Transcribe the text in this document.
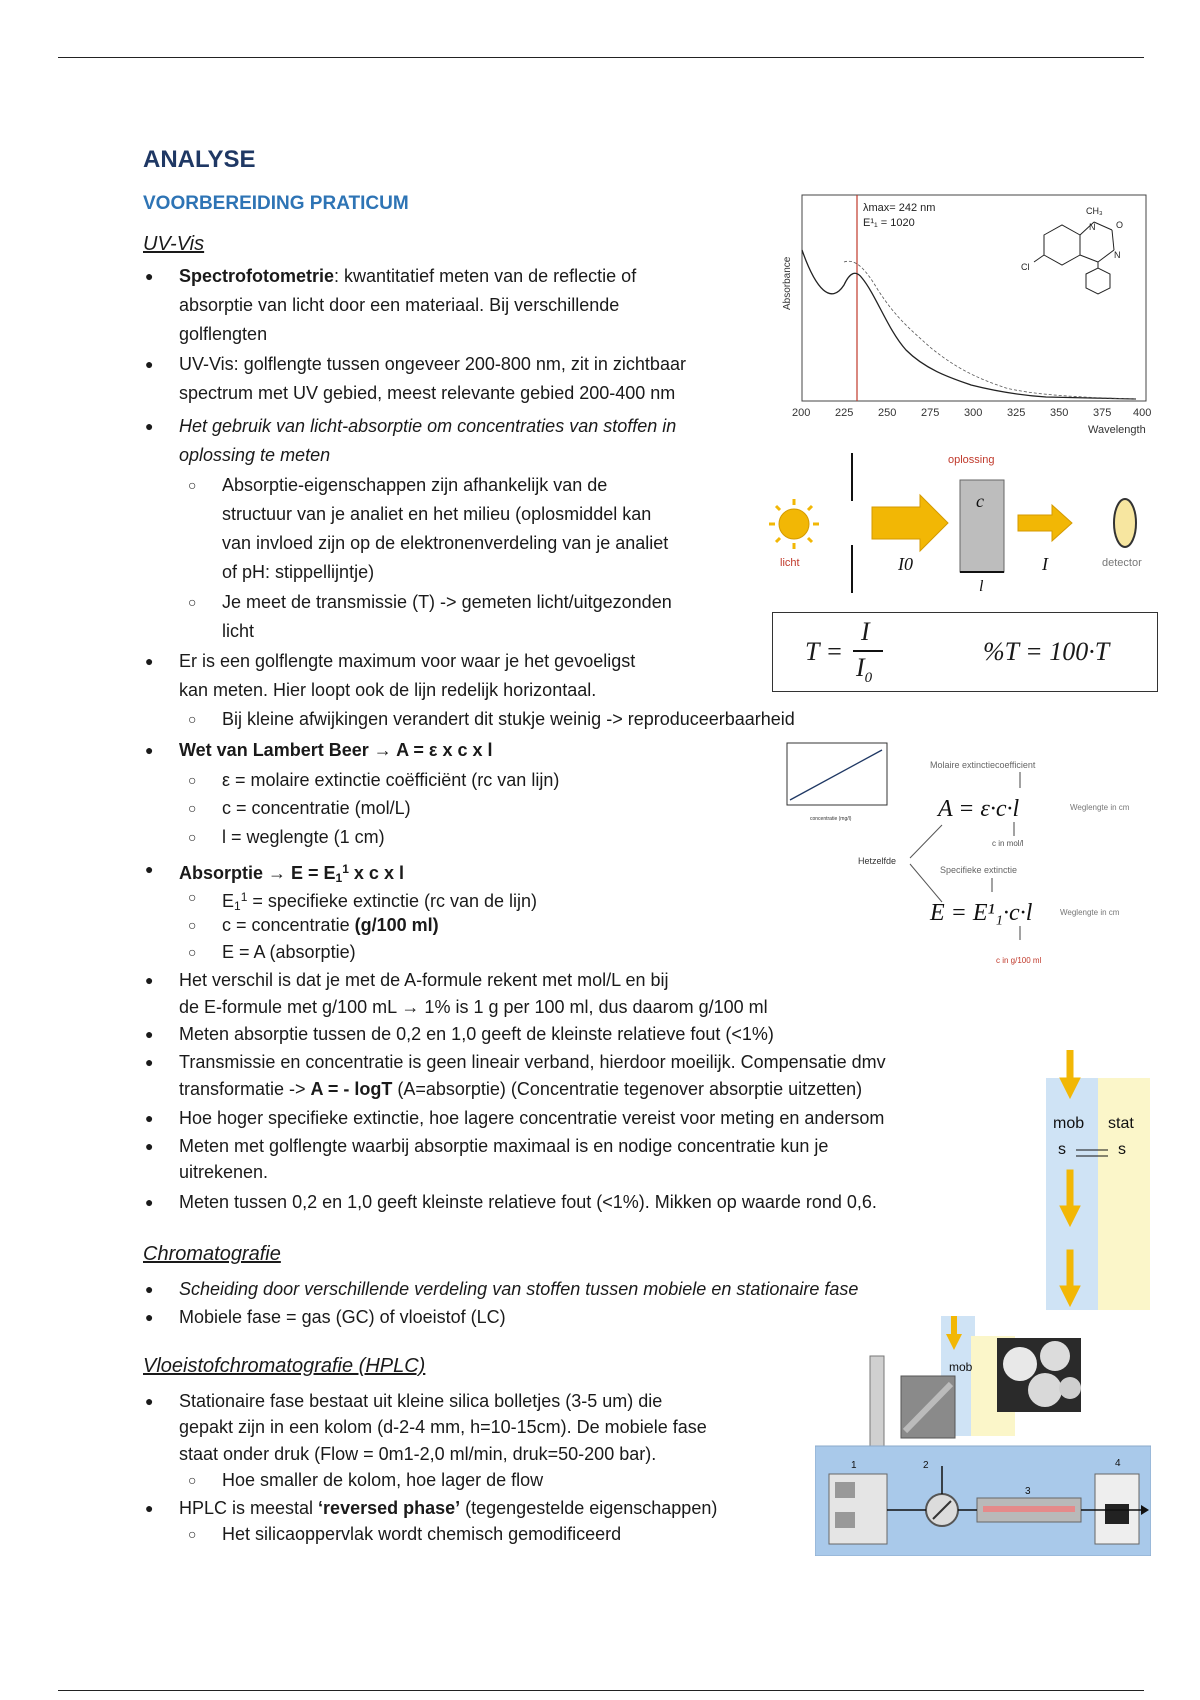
ANALYSE
VOORBEREIDING PRATICUM
UV-Vis
● Spectrofotometrie: kwantitatief meten van de reflectie of
absorptie van licht door een materiaal. Bij verschillende
golflengten
● UV-Vis: golflengte tussen ongeveer 200-800 nm, zit in zichtbaar
spectrum met UV gebied, meest relevante gebied 200-400 nm
● Het gebruik van licht-absorptie om concentraties van stoffen in
oplossing te meten
○ Absorptie-eigenschappen zijn afhankelijk van de
structuur van je analiet en het milieu (oplosmiddel kan
van invloed zijn op de elektronenverdeling van je analiet
of pH: stippellijntje)
○ Je meet de transmissie (T) -> gemeten licht/uitgezonden
licht
● Er is een golflengte maximum voor waar je het gevoeligst
kan meten. Hier loopt ook de lijn redelijk horizontaal.
○ Bij kleine afwijkingen verandert dit stukje weinig -> reproduceerbaarheid
● Wet van Lambert Beer → A = ε x c x l
○ ε = molaire extinctie coëfficiënt (rc van lijn)
○ c = concentratie (mol/L)
○ l = weglengte (1 cm)
● Absorptie → $E = E1^1$ x c x l
○ $E1^1$ = specifieke extinctie (rc van de lijn)
○ c = concentratie (g/100 ml)
○ E = A (absorptie)
● Het verschil is dat je met de A-formule rekent met mol/L en bij
de E-formule met g/100 mL → 1% is 1 g per 100 ml, dus daarom g/100 ml
● Meten absorptie tussen de 0,2 en 1,0 geeft de kleinste relatieve fout (<1%)
● Transmissie en concentratie is geen lineair verband, hierdoor moeilijk. Compensatie dmv
transformatie -> A = - logT (A=absorptie) (Concentratie tegenover absorptie uitzetten)
● Hoe hoger specifieke extinctie, hoe lagere concentratie vereist voor meting en andersom
● Meten met golflengte waarbij absorptie maximaal is en nodige concentratie kun je
uitrekenen.
● Meten tussen 0,2 en 1,0 geeft kleinste relatieve fout (<1%). Mikken op waarde rond 0,6.
Chromatografie
● Scheiding door verschillende verdeling van stoffen tussen mobiele en stationaire fase
● Mobiele fase = gas (GC) of vloeistof (LC)
Vloeistofchromatografie (HPLC)
● Stationaire fase bestaat uit kleine silica bolletjes (3-5 um) die
gepakt zijn in een kolom (d-2-4 mm, h=10-15cm). De mobiele fase
staat onder druk (Flow = 0m1-2,0 ml/min, druk=50-200 bar).
○ Hoe smaller de kolom, hoe lager de flow
● HPLC is meestal ‘reversed phase’ (tegengestelde eigenschappen)
○ Het silicaoppervlak wordt chemisch gemodificeerd
Absorbance
λmax= 242 nm
E¹₁ = 1020
Cl
CH₃
O
N
N
200 225 250 275 300 325 350 375 400
Wavelength
licht	I0
oplossing
c
l
I	detector
T =
I
$I_0$
%T = 100·T
concentratie (mg/l)
Molaire extinctiecoefficient
A = ε·c·l	Weglengte in cm
c in mol/l
Hetzelfde
Specifieke extinctie
E = E¹₁·c·l	Weglengte in cm
c in g/100 ml
mob stat
s	s
mob
1	2
3
4
